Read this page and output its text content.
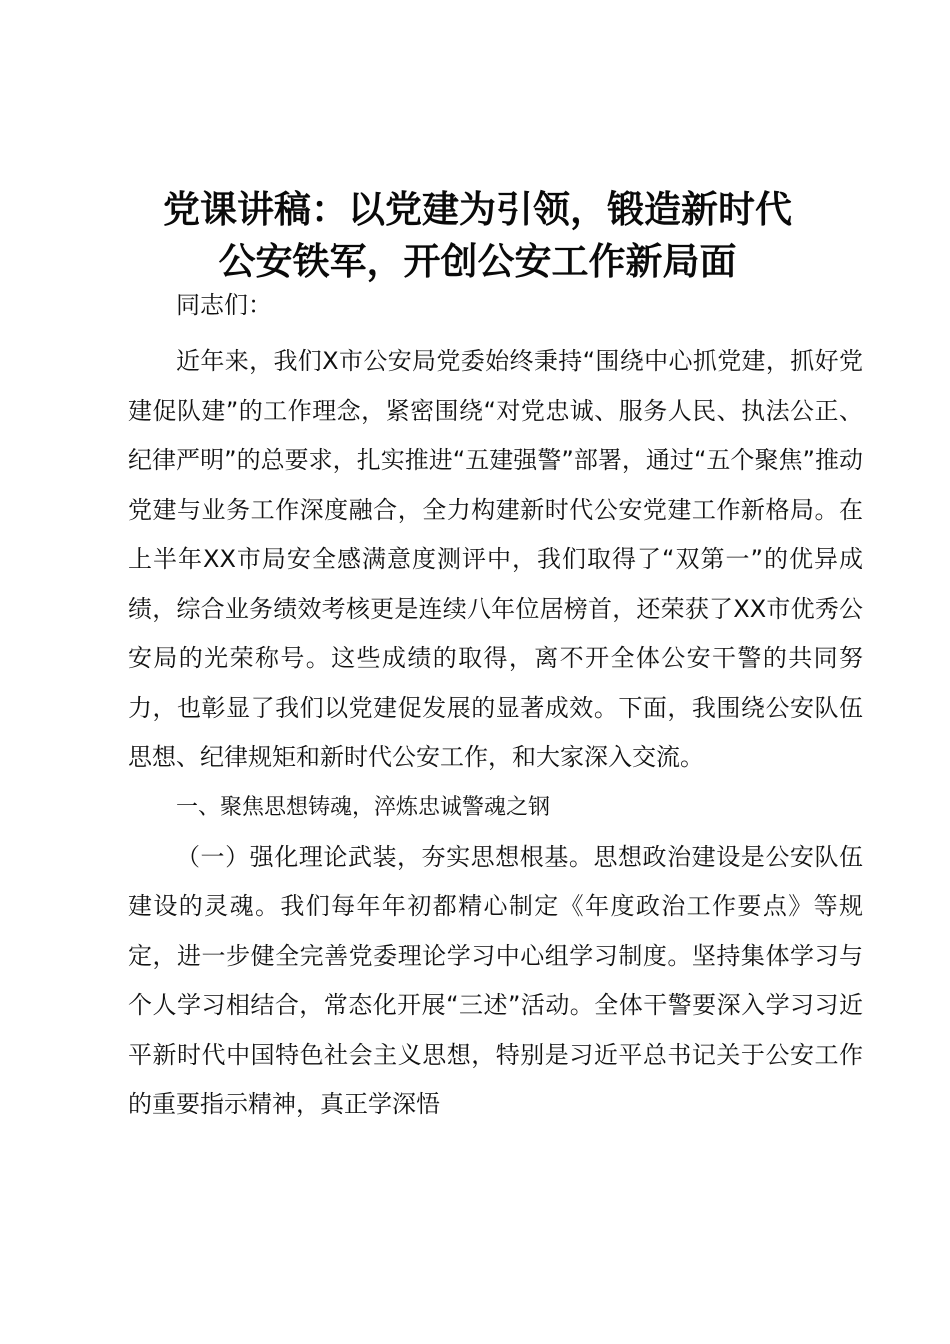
党课讲稿：以党建为引领，锻造新时代
公安铁军，开创公安工作新局面

同志们：

近年来，我们X市公安局党委始终秉持“围绕中心抓党建，抓好党建促队建”的工作理念，紧密围绕“对党忠诚、服务人民、执法公正、纪律严明”的总要求，扎实推进“五建强警”部署，通过“五个聚焦”推动党建与业务工作深度融合，全力构建新时代公安党建工作新格局。在上半年XX市局安全感满意度测评中，我们取得了“双第一”的优异成绩，综合业务绩效考核更是连续八年位居榜首，还荣获了XX市优秀公安局的光荣称号。这些成绩的取得，离不开全体公安干警的共同努力，也彰显了我们以党建促发展的显著成效。下面，我围绕公安队伍思想、纪律规矩和新时代公安工作，和大家深入交流。

一、聚焦思想铸魂，淬炼忠诚警魂之钢

（一）强化理论武装，夯实思想根基。思想政治建设是公安队伍建设的灵魂。我们每年年初都精心制定《年度政治工作要点》等规定，进一步健全完善党委理论学习中心组学习制度。坚持集体学习与个人学习相结合，常态化开展“三述”活动。全体干警要深入学习习近平新时代中国特色社会主义思想，特别是习近平总书记关于公安工作的重要指示精神，真正学深悟
